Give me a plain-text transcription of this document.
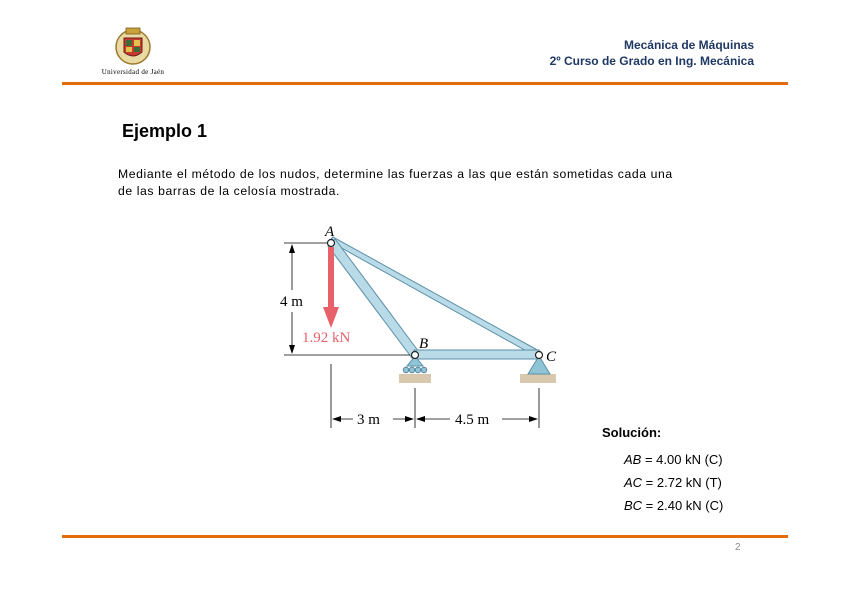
Universidad de Jaén
Mecánica de Máquinas
2º Curso de Grado en Ing. Mecánica
Ejemplo 1
Mediante el método de los nudos, determine las fuerzas a las que están sometidas cada una
de las barras de la celosía mostrada.
4 m
1.92 kN
A
B
C
3 m	4.5 m
Solución:
AB = 4.00 kN (C)
AC = 2.72 kN (T)
BC = 2.40 kN (C)
2
